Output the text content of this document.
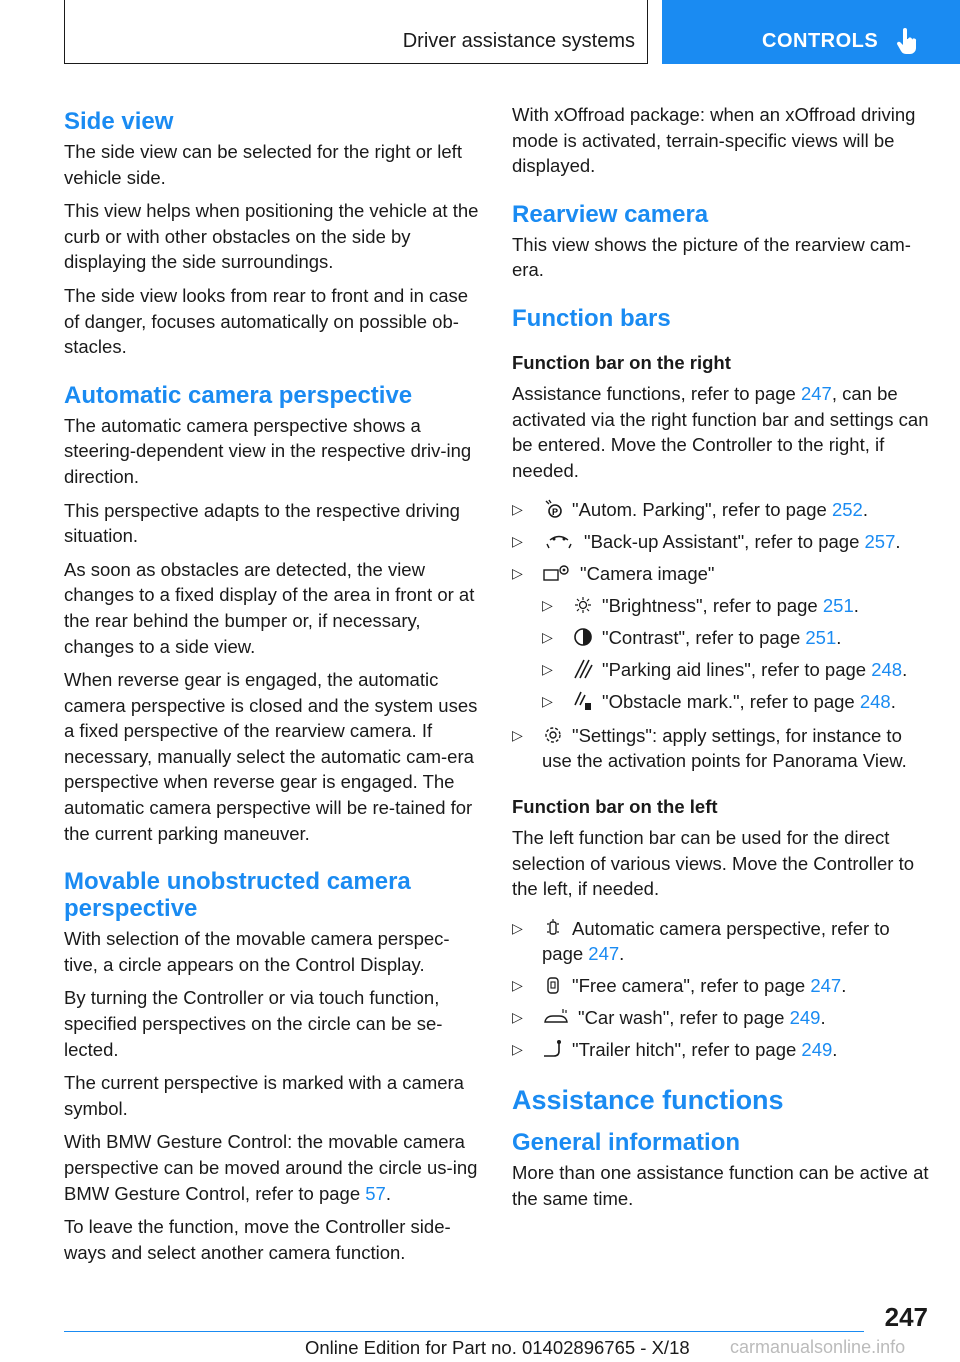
Driver assistance systems	CONTROLS
Side view

The side view can be selected for the right or left vehicle side.

This view helps when positioning the vehicle at the curb or with other obstacles on the side by displaying the side surroundings.

The side view looks from rear to front and in case of danger, focuses automatically on possible ob‐stacles.

Automatic camera perspective

The automatic camera perspective shows a steering-dependent view in the respective driv‐ing direction.

This perspective adapts to the respective driving situation.

As soon as obstacles are detected, the view changes to a fixed display of the area in front or at the rear behind the bumper or, if necessary, changes to a side view.

When reverse gear is engaged, the automatic camera perspective is closed and the system uses a fixed perspective of the rearview camera. If necessary, manually select the automatic cam‐era perspective when reverse gear is engaged. The automatic camera perspective will be re‐tained for the current parking maneuver.

Movable unobstructed camera perspective

With selection of the movable camera perspec‐tive, a circle appears on the Control Display.

By turning the Controller or via touch function, specified perspectives on the circle can be se‐lected.

The current perspective is marked with a camera symbol.

With BMW Gesture Control: the movable camera perspective can be moved around the circle us‐ing BMW Gesture Control, refer to page 57.

To leave the function, move the Controller side‐ways and select another camera function.

With xOffroad package: when an xOffroad driving mode is activated, terrain-specific views will be displayed.

Rearview camera

This view shows the picture of the rearview cam‐era.

Function bars
Function bar on the right

Assistance functions, refer to page 247, can be activated via the right function bar and settings can be entered. Move the Controller to the right, if needed.

▷	P "Autom. Parking", refer to page 252.
▷	"Back-up Assistant", refer to page 257.
▷	"Camera image"
▷	"Brightness", refer to page 251.
▷	"Contrast", refer to page 251.
▷	"Parking aid lines", refer to page 248.
▷	"Obstacle mark.", refer to page 248.
▷	"Settings": apply settings, for instance to use the activation points for Panorama View.
Function bar on the left

The left function bar can be used for the direct selection of various views. Move the Controller to the left, if needed.

▷	Automatic camera perspective, refer to page 247.
▷	"Free camera", refer to page 247.
▷	"Car wash", refer to page 249.
▷	"Trailer hitch", refer to page 249.
Assistance functions
General information

More than one assistance function can be active at the same time.

247
Online Edition for Part no. 01402896765 - X/18 carmanualsonline.info
